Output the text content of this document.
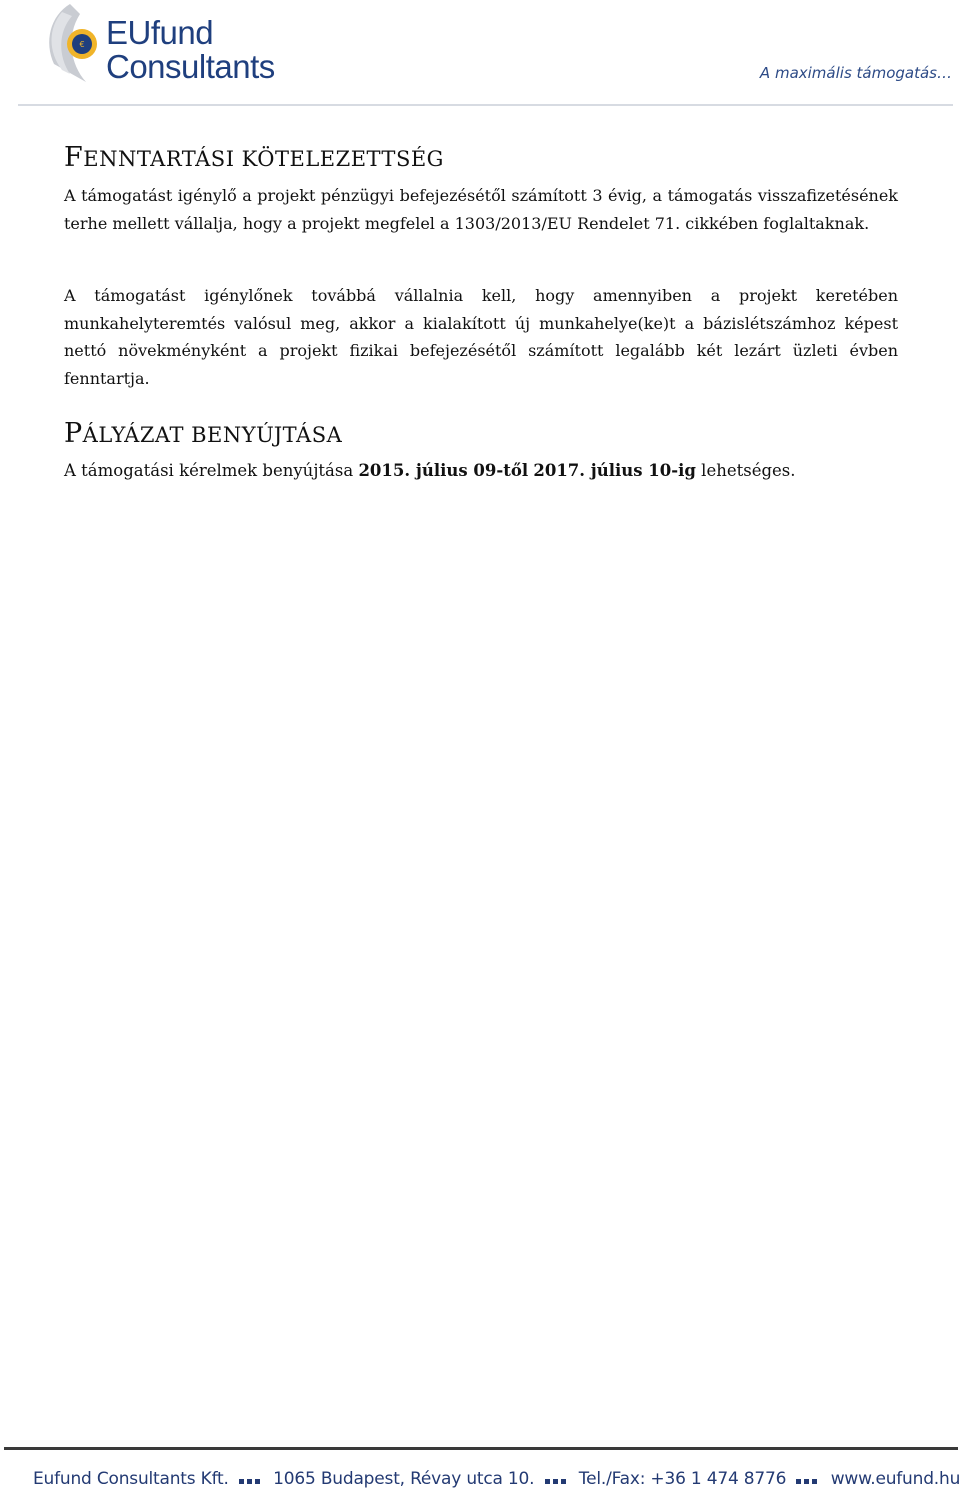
€ EUfund
Consultants	A maximális támogatás…
FENNTARTÁSI KÖTELEZETTSÉG

A támogatást igénylő a projekt pénzügyi befejezésétől számított 3 évig, a támogatás visszafizetésének terhe mellett vállalja, hogy a projekt megfelel a 1303/2013/EU Rendelet 71. cikkében foglaltaknak.

A támogatást igénylőnek továbbá vállalnia kell, hogy amennyiben a projekt keretében munkahelyteremtés valósul meg, akkor a kialakított új munkahelye(ke)t a bázislétszámhoz képest nettó növekményként a projekt fizikai befejezésétől számított legalább két lezárt üzleti évben fenntartja.

PÁLYÁZAT BENYÚJTÁSA

A támogatási kérelmek benyújtása 2015. július 09-től 2017. július 10-ig lehetséges.

Eufund Consultants Kft.	1065 Budapest, Révay utca 10.	Tel./Fax: +36 1 474 8776	www.eufund.hu
